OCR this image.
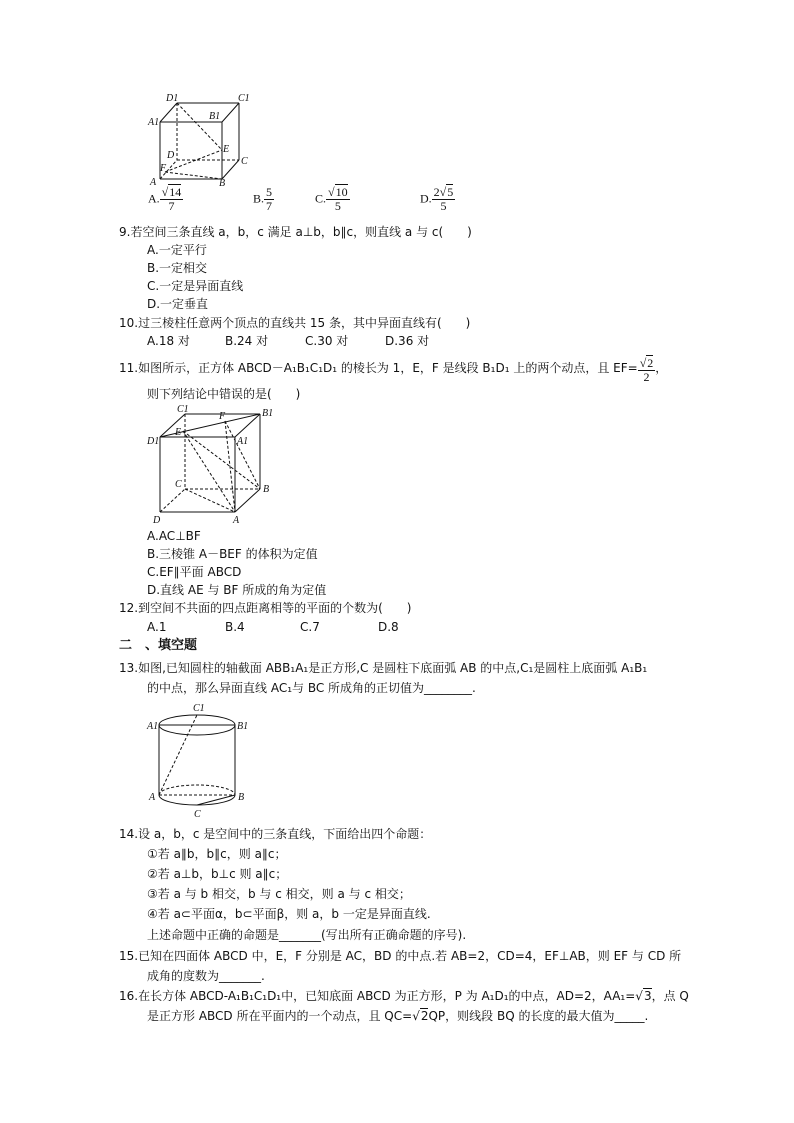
D1	C1
A1
B1
D
E
F
C
A	B
A. $\frac{√14}{7}$	B. $\frac{5}{7}$	C. $\frac{√10}{5}$	D. $\frac{2√5}{5}$
9.若空间三条直线 a，b，c 满足 a⊥b，b∥c，则直线 a 与 c(　　)
A.一定平行
B.一定相交
C.一定是异面直线
D.一定垂直
10.过三棱柱任意两个顶点的直线共 15 条，其中异面直线有(　　)
A.18 对	B.24 对	C.30 对	D.36 对
11.如图所示，正方体 ABCD－A₁B₁C₁D₁ 的棱长为 1，E，F 是线段 B₁D₁ 上的两个动点，且 $EF= \frac{√2}{2}$ ，
则下列结论中错误的是(　　)
C1
F	B1
E
D1	A1
C	B
D	A
A.AC⊥BF
B.三棱锥 A－BEF 的体积为定值
C.EF∥平面 ABCD
D.直线 AE 与 BF 所成的角为定值
12.到空间不共面的四点距离相等的平面的个数为(　　)
A.1	B.4	C.7	D.8
二　、填空题
13.如图,已知圆柱的轴截面 ABB₁A₁是正方形,C 是圆柱下底面弧 AB 的中点,C₁是圆柱上底面弧 A₁B₁
的中点，那么异面直线 AC₁与 BC 所成角的正切值为________.
C1
A1	B1
A	B
C
14.设 a，b，c 是空间中的三条直线，下面给出四个命题：
①若 a∥b，b∥c，则 a∥c；
②若 a⊥b，b⊥c 则 a∥c；
③若 a 与 b 相交，b 与 c 相交，则 a 与 c 相交；
④若 a⊂平面α，b⊂平面β，则 a，b 一定是异面直线.
上述命题中正确的命题是_______(写出所有正确命题的序号).
15.已知在四面体 ABCD 中，E，F 分别是 AC，BD 的中点.若 AB=2，CD=4，EF⊥AB，则 EF 与 CD 所
成角的度数为_______.
16.在长方体 ABCD-A₁B₁C₁D₁中，已知底面 ABCD 为正方形，P 为 A₁D₁的中点，AD=2，AA₁=√3，点 Q
是正方形 ABCD 所在平面内的一个动点，且 QC=√2QP，则线段 BQ 的长度的最大值为_____.
